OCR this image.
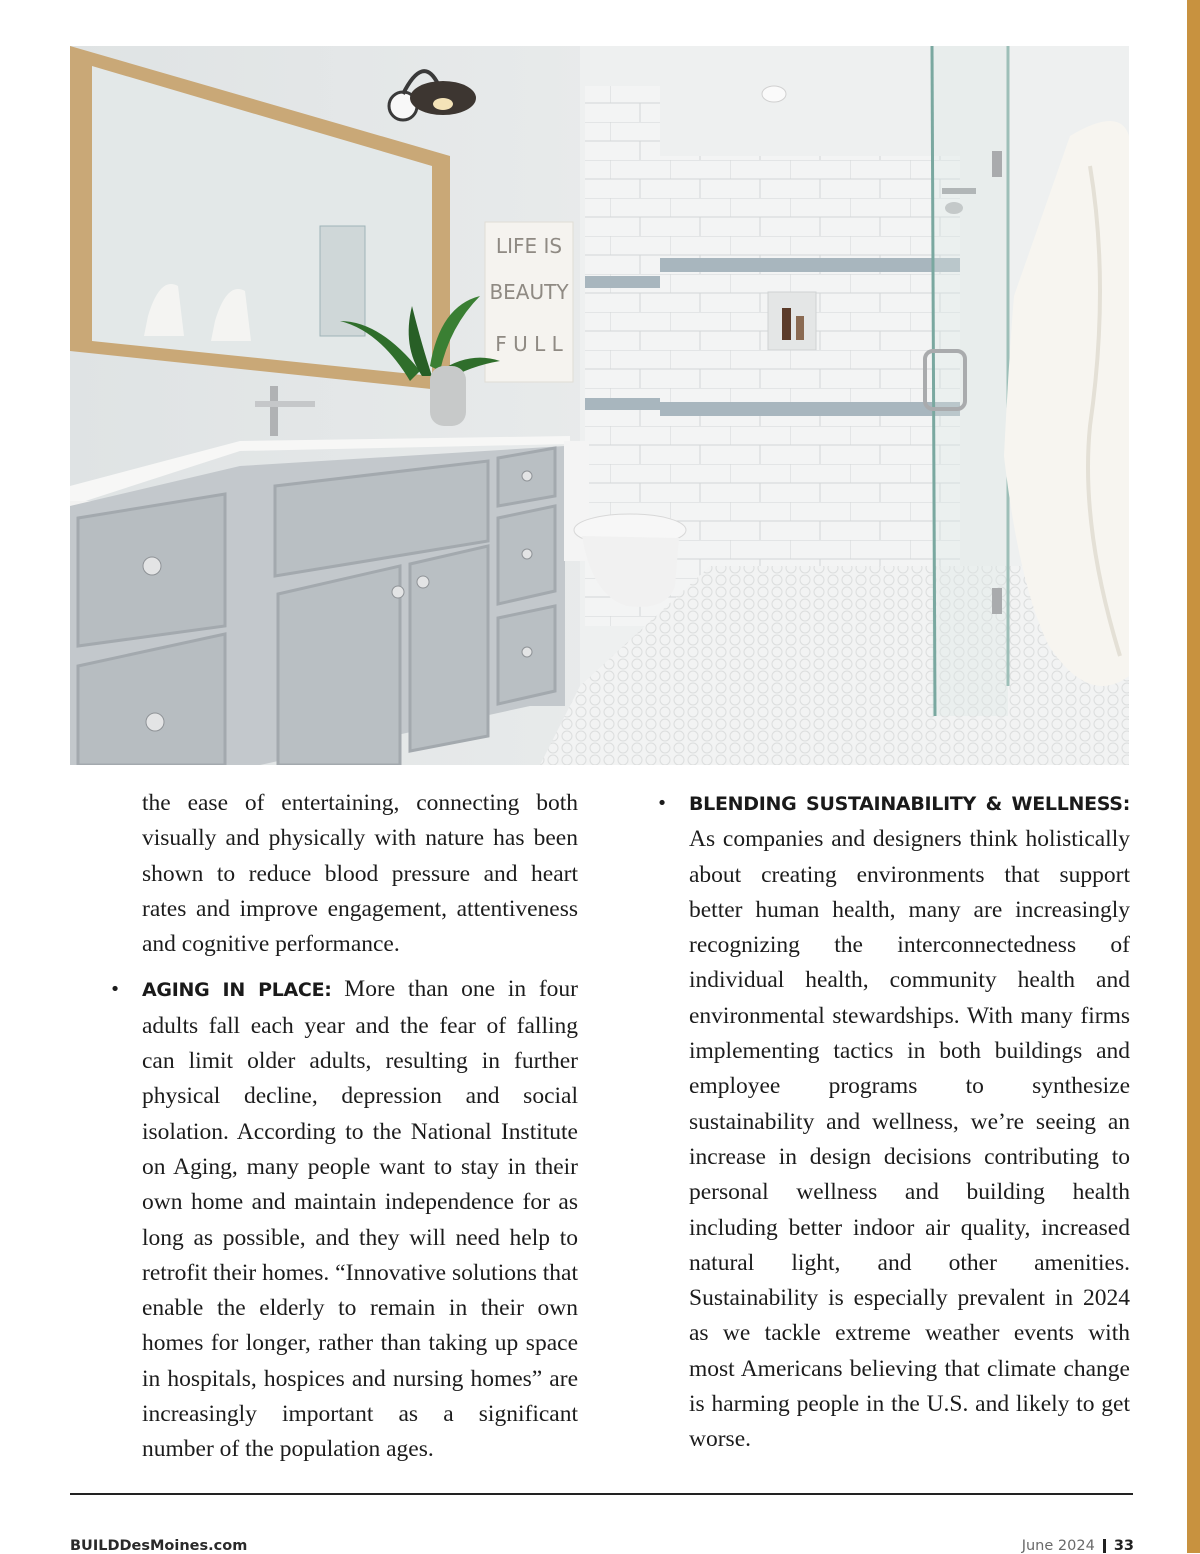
LIFE IS
BEAUTY
F U L L

the ease of entertaining, connecting both visually and physically with nature has been shown to reduce blood pressure and heart rates and improve engagement, attentiveness and cognitive performance.

• AGING IN PLACE: More than one in four adults fall each year and the fear of falling can limit older adults, resulting in further physical decline, depression and social isolation. According to the National Institute on Aging, many people want to stay in their own home and maintain independence for as long as possible, and they will need help to retrofit their homes. “Innovative solutions that enable the elderly to remain in their own homes for longer, rather than taking up space in hospitals, hospices and nursing homes” are increasingly important as a significant number of the population ages.

• BLENDING SUSTAINABILITY & WELLNESS: As companies and designers think holistically about creating environments that support better human health, many are increasingly recognizing the interconnectedness of individual health, community health and environmental stewardships. With many firms implementing tactics in both buildings and employee programs to synthesize sustainability and wellness, we’re seeing an increase in design decisions contributing to personal wellness and building health including better indoor air quality, increased natural light, and other amenities. Sustainability is especially prevalent in 2024 as we tackle extreme weather events with most Americans believing that climate change is harming people in the U.S. and likely to get worse.

BUILDDesMoines.com	June 2024 33
